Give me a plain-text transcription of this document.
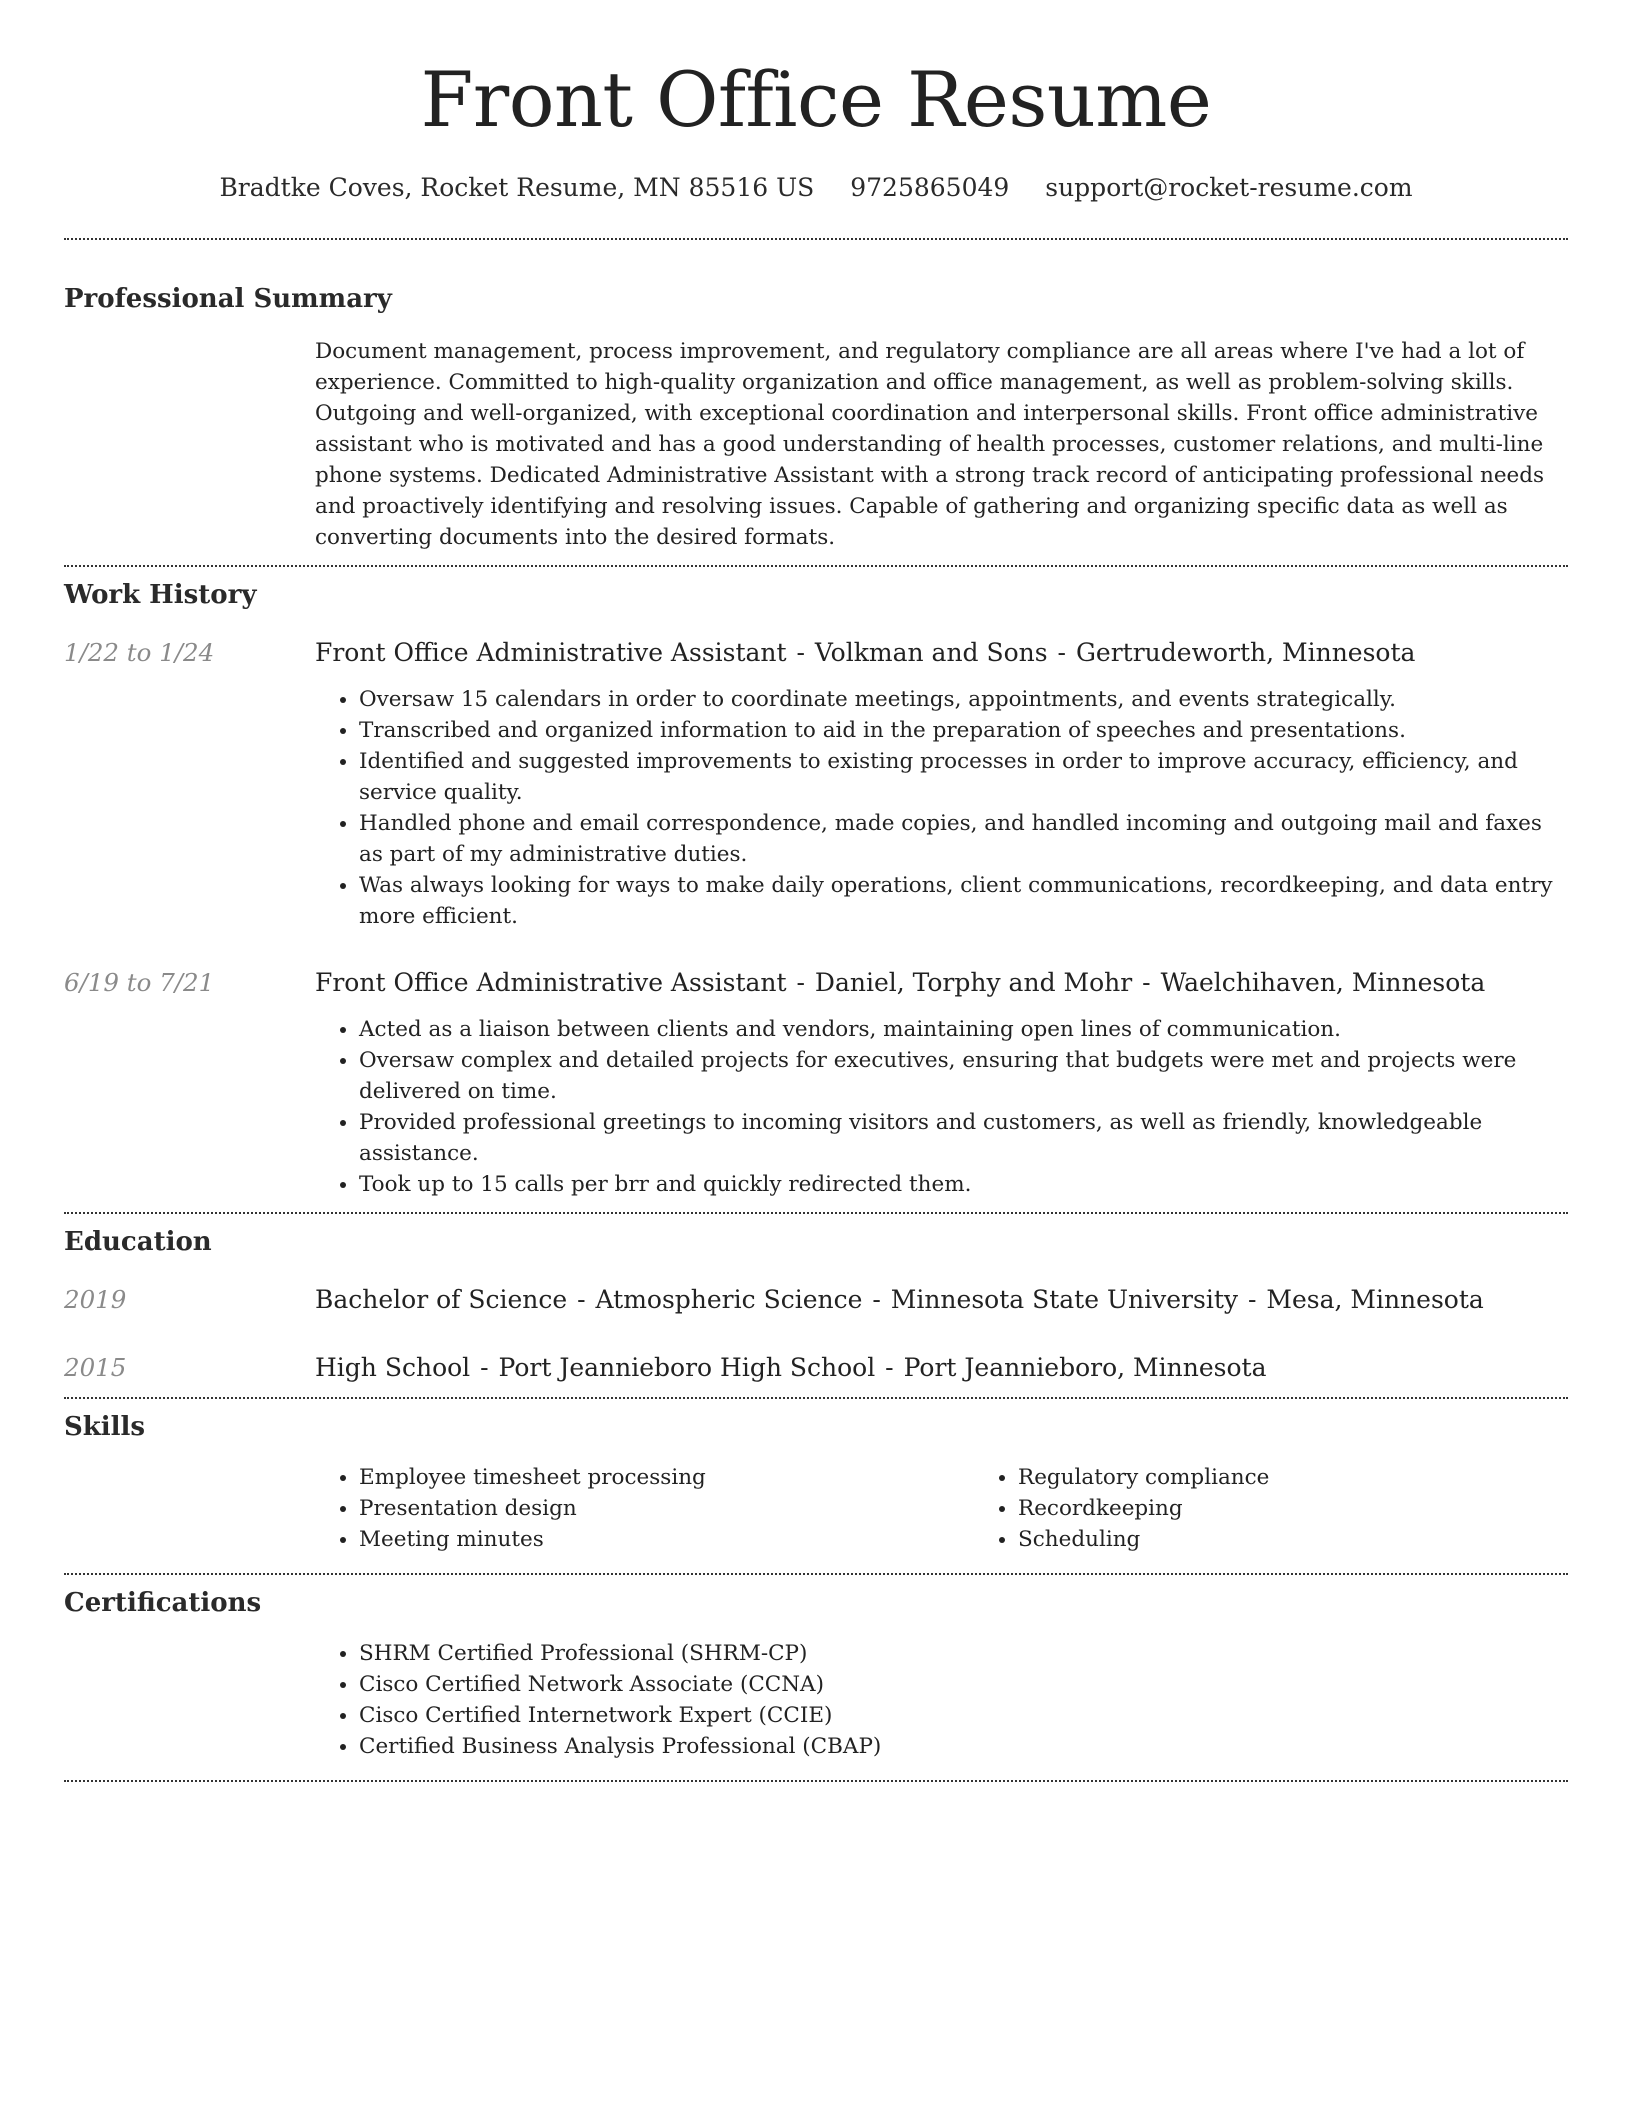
Front Office Resume
Bradtke Coves, Rocket Resume, MN 85516 US 9725865049 support@rocket-resume.com
Professional Summary
Document management, process improvement, and regulatory compliance are all areas where I've had a lot of experience. Committed to high-quality organization and office management, as well as problem-solving skills. Outgoing and well-organized, with exceptional coordination and interpersonal skills. Front office administrative assistant who is motivated and has a good understanding of health processes, customer relations, and multi-line phone systems. Dedicated Administrative Assistant with a strong track record of anticipating professional needs and proactively identifying and resolving issues. Capable of gathering and organizing specific data as well as converting documents into the desired formats.
Work History
1/22 to 1/24	Front Office Administrative Assistant - Volkman and Sons - Gertrudeworth, Minnesota
• Oversaw 15 calendars in order to coordinate meetings, appointments, and events strategically.
• Transcribed and organized information to aid in the preparation of speeches and presentations.
• Identified and suggested improvements to existing processes in order to improve accuracy, efficiency, and service quality.
• Handled phone and email correspondence, made copies, and handled incoming and outgoing mail and faxes as part of my administrative duties.
• Was always looking for ways to make daily operations, client communications, recordkeeping, and data entry more efficient.
6/19 to 7/21	Front Office Administrative Assistant - Daniel, Torphy and Mohr - Waelchihaven, Minnesota
• Acted as a liaison between clients and vendors, maintaining open lines of communication.
• Oversaw complex and detailed projects for executives, ensuring that budgets were met and projects were delivered on time.
• Provided professional greetings to incoming visitors and customers, as well as friendly, knowledgeable assistance.
• Took up to 15 calls per brr and quickly redirected them.
Education
2019	Bachelor of Science - Atmospheric Science - Minnesota State University - Mesa, Minnesota
2015	High School - Port Jeannieboro High School - Port Jeannieboro, Minnesota
Skills
• Employee timesheet processing
• Presentation design
• Meeting minutes
• Regulatory compliance
• Recordkeeping
• Scheduling
Certifications
• SHRM Certified Professional (SHRM-CP)
• Cisco Certified Network Associate (CCNA)
• Cisco Certified Internetwork Expert (CCIE)
• Certified Business Analysis Professional (CBAP)
